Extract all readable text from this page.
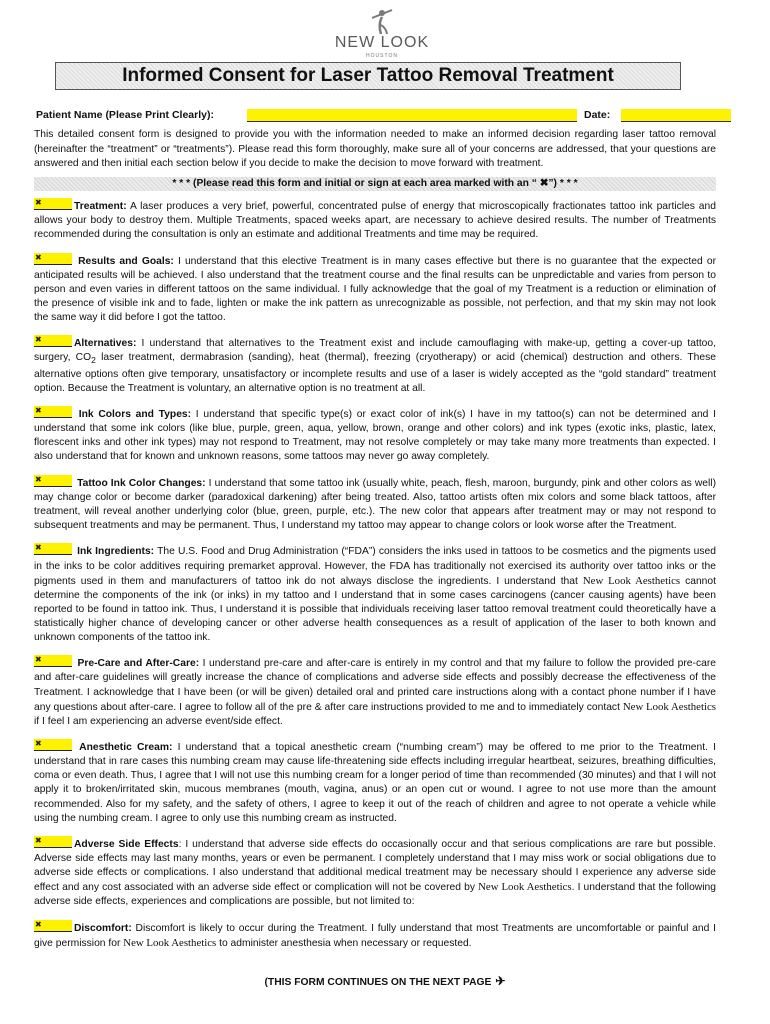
NEW LOOK
HOUSTON
Informed Consent for Laser Tattoo Removal Treatment
Patient Name (Please Print Clearly):	Date:
This detailed consent form is designed to provide you with the information needed to make an informed decision regarding laser tattoo removal (hereinafter the “treatment” or “treatments”). Please read this form thoroughly, make sure all of your concerns are addressed, that your questions are answered and then initial each section below if you decide to make the decision to move forward with treatment.
* * * (Please read this form and initial or sign at each area marked with an “ ✖”) * * *

✖Treatment: A laser produces a very brief, powerful, concentrated pulse of energy that microscopically fractionates tattoo ink particles and allows your body to destroy them. Multiple Treatments, spaced weeks apart, are necessary to achieve desired results. The number of Treatments recommended during the consultation is only an estimate and additional Treatments and time may be required.

✖ Results and Goals: I understand that this elective Treatment is in many cases effective but there is no guarantee that the expected or anticipated results will be achieved. I also understand that the treatment course and the final results can be unpredictable and varies from person to person and even varies in different tattoos on the same individual. I fully acknowledge that the goal of my Treatment is a reduction or elimination of the presence of visible ink and to fade, lighten or make the ink pattern as unrecognizable as possible, not perfection, and that my skin may not look the same way it did before I got the tattoo.

✖Alternatives: I understand that alternatives to the Treatment exist and include camouflaging with make-up, getting a cover-up tattoo, surgery, $CO_2$ laser treatment, dermabrasion (sanding), heat (thermal), freezing (cryotherapy) or acid (chemical) destruction and others. These alternative options often give temporary, unsatisfactory or incomplete results and use of a laser is widely accepted as the “gold standard” treatment option. Because the Treatment is voluntary, an alternative option is no treatment at all.

✖ Ink Colors and Types: I understand that specific type(s) or exact color of ink(s) I have in my tattoo(s) can not be determined and I understand that some ink colors (like blue, purple, green, aqua, yellow, brown, orange and other colors) and ink types (exotic inks, plastic, latex, florescent inks and other ink types) may not respond to Treatment, may not resolve completely or may take many more treatments than expected. I also understand that for known and unknown reasons, some tattoos may never go away completely.

✖ Tattoo Ink Color Changes: I understand that some tattoo ink (usually white, peach, flesh, maroon, burgundy, pink and other colors as well) may change color or become darker (paradoxical darkening) after being treated. Also, tattoo artists often mix colors and some black tattoos, after treatment, will reveal another underlying color (blue, green, purple, etc.). The new color that appears after treatment may or may not respond to subsequent treatments and may be permanent. Thus, I understand my tattoo may appear to change colors or look worse after the Treatment.

✖ Ink Ingredients: The U.S. Food and Drug Administration (“FDA”) considers the inks used in tattoos to be cosmetics and the pigments used in the inks to be color additives requiring premarket approval. However, the FDA has traditionally not exercised its authority over tattoo inks or the pigments used in them and manufacturers of tattoo ink do not always disclose the ingredients. I understand that New Look Aesthetics cannot determine the components of the ink (or inks) in my tattoo and I understand that in some cases carcinogens (cancer causing agents) have been reported to be found in tattoo ink. Thus, I understand it is possible that individuals receiving laser tattoo removal treatment could theoretically have a statistically higher chance of developing cancer or other adverse health consequences as a result of application of the laser to both known and unknown components of the tattoo ink.

✖ Pre-Care and After-Care: I understand pre-care and after-care is entirely in my control and that my failure to follow the provided pre-care and after-care guidelines will greatly increase the chance of complications and adverse side effects and possibly decrease the effectiveness of the Treatment. I acknowledge that I have been (or will be given) detailed oral and printed care instructions along with a contact phone number if I have any questions about after-care. I agree to follow all of the pre & after care instructions provided to me and to immediately contact New Look Aesthetics if I feel I am experiencing an adverse event/side effect.

✖ Anesthetic Cream: I understand that a topical anesthetic cream (“numbing cream”) may be offered to me prior to the Treatment. I understand that in rare cases this numbing cream may cause life-threatening side effects including irregular heartbeat, seizures, breathing difficulties, coma or even death. Thus, I agree that I will not use this numbing cream for a longer period of time than recommended (30 minutes) and that I will not apply it to broken/irritated skin, mucous membranes (mouth, vagina, anus) or an open cut or wound. I agree to not use more than the amount recommended. Also for my safety, and the safety of others, I agree to keep it out of the reach of children and agree to not operate a vehicle while using the numbing cream. I agree to only use this numbing cream as instructed.

✖Adverse Side Effects: I understand that adverse side effects do occasionally occur and that serious complications are rare but possible. Adverse side effects may last many months, years or even be permanent. I completely understand that I may miss work or social obligations due to adverse side effects or complications. I also understand that additional medical treatment may be necessary should I experience any adverse side effect and any cost associated with an adverse side effect or complication will not be covered by New Look Aesthetics. I understand that the following adverse side effects, experiences and complications are possible, but not limited to:

✖Discomfort: Discomfort is likely to occur during the Treatment. I fully understand that most Treatments are uncomfortable or painful and I give permission for New Look Aesthetics to administer anesthesia when necessary or requested.

(THIS FORM CONTINUES ON THE NEXT PAGE ✈
